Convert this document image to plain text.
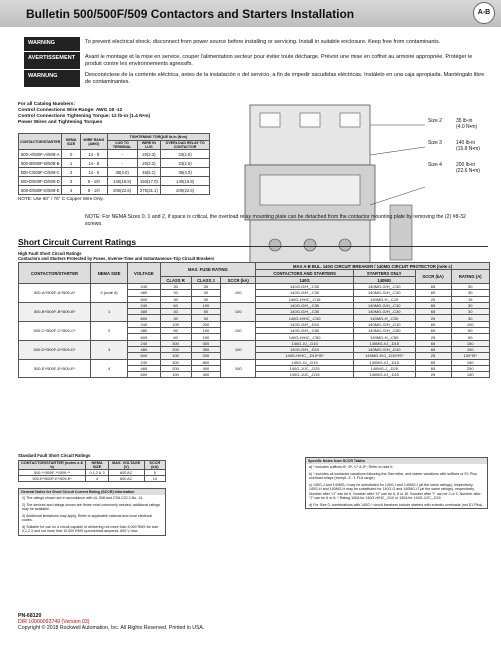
Bulletin 500/500F/509 Contactors and Starters Installation	A-B
WARNING	To prevent electrical shock, disconnect from power source before installing or servicing. Install in suitable enclosure. Keep free from contaminants.
AVERTISSEMENT	Avant le montage et la mise en service, couper l'alimentation secteur pour éviter toute décharge. Prévoir une mise en coffret au armoire appropriée. Protéger le produit contre les environnements agressifs.
WARNUNG	Desconéctese de la corriente eléctrica, antes de la instalación o del servicio, a fin de impedir sacudidas eléctricas. Instálelo en una caja apropiada. Manténgalo libre de contaminantes.
For all Catalog Numbers:
Control Connections Wire Range: AWG 18 -12
Control Connections Tightening Torque: 12 lb-in (1.4 N•m)
Power Wires and Tightening Torques
CONTACTOR/STARTER	NEMA SIZE	WIRE RANG (AWG)	TIGHTENING TORQUE lb-in (N•m)		
			LUG TO TERMINAL	WIRE IN LUG	OVERLOAD RELAY TO CONTACTOR
500-A/500F-A/509-A	0	14 - 8	-	20(2.3)	23(2.6)
500-B/500F-B/509-B	1	14 - 8	-	20(2.3)	23(2.6)
500-C/500F-C/509-C	2	14 - 6	35(4.0)	45(5.1)	35(4.0)
500-D/500F-D/509-D	3	8 - 1/0	140(15.8)	150(17.0)	140(15.8)
500-E/500F-E/509-E	4	8 - 1/0	200(22.6)	275(31.1)	200(22.6)
NOTE: Use 60° / 75° C Copper Wire Only.
Size 2	35 lb-in
(4.0 N•m)
Size 3	140 lb-in
(15.8 N•m)
Size 4	200 lb-in
(22.6 N•m)
NOTE: For NEMA Sizes 0, 1 and 2, if space is critical, the overload relay mounting plate can be detached from the contactor mounting plate by removing the (2) #8-32 screws.
Short Circuit Current Ratings
High Fault Short Circuit Ratings
Contactors and Starters Protected by Fuses, Inverse-Time and Instantaneous-Trip Circuit Breakers
CONTACTOR/STARTER	NEMA SIZE	VOLTAGE	MAX. FUSE RATING			MAX A-B BUL. 140G CIRCUIT BREAKER / 140MG CIRCUIT PROTECTOR (note c)			
						CONTACTORS AND STARTERS	STARTERS ONLY	SCCR (kA)	RATING (A)
			CLASS R	CLASS J	SCCR (kA)	140G	140MG		
500-A*/500F-A*/509-A*	0 (note d)	240	30	30	100	140G-G/H_-C30	140MG-G/H_-C30	65	30
		480	30	30		140G-G/H_-C30	140MG-G/H_-C30	65	30
		600	30	30		140G-H/HC_-C15	140MG-H_-C15	25	15
500-B*/500F-B*/509-B*	1	240	60	100	100	140G-G/H_-C30	140MG-G/H_-C30	65	30
		480	30	50		140G-G/H_-C30	140MG-G/H_-C30	65	30
		600	30	50		140G-H/HC_-C30	140MG-H_-C30	25	30
500-C*/500F-C*/509-C*	2	240	100	200	100	140G-G/H_-D10	140MG-G/H_-D10	65	100
		480	60	100		140G-G/H_-C50	140MG-G/H_-C50	65	50
		600	60	100		140G-H/HC_-C50	140MG-H_-C50	25	50
500-D*/500F-D*/509-D*	3	240	300	300	100	140G-I/J_-D15	140MG-I/J_-D15	65	150
		480	200	350		140G-G/H_-D10	140MG-G/H_-D10	65	100
		600	100	200		140G-H/HC_-D10*IS*	140MG-H/J_-D10*IS*	25	100*IS*
500-E*/500F-E*/509-E*	4	240	300	800	100	140G-I/J_-D15	140MG-I/J_-D15	65	150
		480	200	400		140G-J/JC_-D25	140MG-J_-D25	65	250
		600	100	400		140G-J/JC_-D15	140MG-I/J_-D15	25	150
Standard Fault Short Circuit Ratings
CONTACTOR/STARTER (notes a & b)	NEMA SIZE	MAX. VOLTAGE (V)	SCCR (kA)
500-**/500F-**/509-**	0,1,2 & 3	600 AC	5
500-E*/500F-E*/509-E*	4	600 AC	10
General Notes for Short Circuit Current Rating (SCCR) Information
1) The ratings shown are in accordance with UL 508 and CSA C22.2 No. 14.
2) The devices and ratings shown are those most commonly needed; additional ratings may be available.
3) Additional limitations may apply. Refer to applicable national and local electrical codes.
4) Suitable for use on a circuit capable of delivering not more than 5,000 RMS for size 0,1,2,3 and not more that 10,000 RMS symmetrical amperes, 600 V max.
Specific Notes from SCCR Tables
a) * includes suffixes A*, B*, C* & D*; Refer to note b.
b) * includes all contactor variations following the Size letter, and starter variations with suffixes or E1 Plus overload relays (except -Z - 1 FLA range).
c) 140G-J and 140MG-J may be substituted for 140G-I and 140MG-I (at the same ratings), respectively. 140G-H and 140MG-H may be substituted for 140G-G and 140MG-G (at the same ratings), respectively. Number after "G" can be 6. Number after "H" can be 6, 8 or 10. Number after "I" can be 2 or 3. Number after "J" can be 6 or 8. * Rating 100A for 140G-H/HC_-D10 or 150A for 140G-J/JC_-D15
d) For Size 0, combinations with 140G-* circuit breakers include starters with eutectic overloads (not E1 Plus).
PN-68120
DIR 10000093749 (Version 03)
Copyright © 2018 Rockwell Automation, Inc. All Rights Reserved. Printed in USA.
